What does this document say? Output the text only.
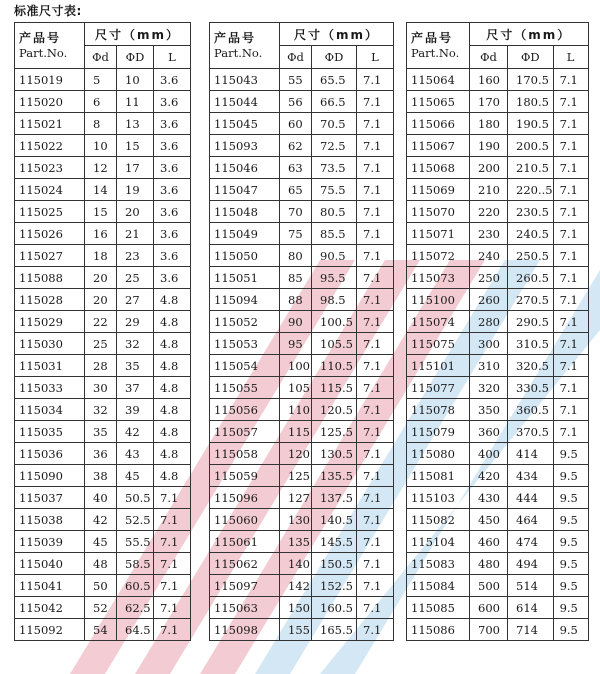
标准尺寸表:
产品号
Part.No.	尺寸（mm）		
	Φd	ΦD	L
115019	5	10	3.6
115020	6	11	3.6
115021	8	13	3.6
115022	10	15	3.6
115023	12	17	3.6
115024	14	19	3.6
115025	15	20	3.6
115026	16	21	3.6
115027	18	23	3.6
115088	20	25	3.6
115028	20	27	4.8
115029	22	29	4.8
115030	25	32	4.8
115031	28	35	4.8
115033	30	37	4.8
115034	32	39	4.8
115035	35	42	4.8
115036	36	43	4.8
115090	38	45	4.8
115037	40	50.5	7.1
115038	42	52.5	7.1
115039	45	55.5	7.1
115040	48	58.5	7.1
115041	50	60.5	7.1
115042	52	62.5	7.1
115092	54	64.5	7.1
产品号
Part.No.	尺寸（mm）		
	Φd	ΦD	L
115043	55	65.5	7.1
115044	56	66.5	7.1
115045	60	70.5	7.1
115093	62	72.5	7.1
115046	63	73.5	7.1
115047	65	75.5	7.1
115048	70	80.5	7.1
115049	75	85.5	7.1
115050	80	90.5	7.1
115051	85	95.5	7.1
115094	88	98.5	7.1
115052	90	100.5	7.1
115053	95	105.5	7.1
115054	100	110.5	7.1
115055	105	115.5	7.1
115056	110	120.5	7.1
115057	115	125.5	7.1
115058	120	130.5	7.1
115059	125	135.5	7.1
115096	127	137.5	7.1
115060	130	140.5	7.1
115061	135	145.5	7.1
115062	140	150.5	7.1
115097	142	152.5	7.1
115063	150	160.5	7.1
115098	155	165.5	7.1
产品号
Part.No.	尺寸（mm）		
	Φd	ΦD	L
115064	160	170.5	7.1
115065	170	180.5	7.1
115066	180	190.5	7.1
115067	190	200.5	7.1
115068	200	210.5	7.1
115069	210	220..5	7.1
115070	220	230.5	7.1
115071	230	240.5	7.1
115072	240	250.5	7.1
115073	250	260.5	7.1
115100	260	270.5	7.1
115074	280	290.5	7.1
115075	300	310.5	7.1
115101	310	320.5	7.1
115077	320	330.5	7.1
115078	350	360.5	7.1
115079	360	370.5	7.1
115080	400	414	9.5
115081	420	434	9.5
115103	430	444	9.5
115082	450	464	9.5
115104	460	474	9.5
115083	480	494	9.5
115084	500	514	9.5
115085	600	614	9.5
115086	700	714	9.5
